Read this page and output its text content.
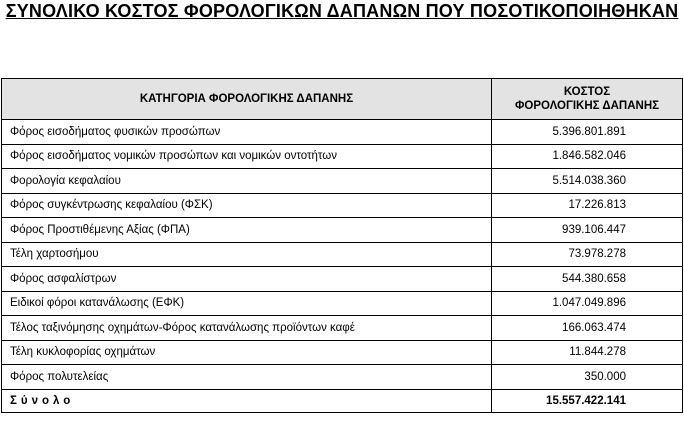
ΣΥΝΟΛΙΚΟ ΚΟΣΤΟΣ ΦΟΡΟΛΟΓΙΚΩΝ ΔΑΠΑΝΩΝ ΠΟΥ ΠΟΣΟΤΙΚΟΠΟΙΗΘΗΚΑΝ
ΚΑΤΗΓΟΡΙΑ ΦΟΡΟΛΟΓΙΚΗΣ ΔΑΠΑΝΗΣ	ΚΟΣΤΟΣ
ΦΟΡΟΛΟΓΙΚΗΣ ΔΑΠΑΝΗΣ
Φόρος εισοδήματος φυσικών προσώπων	5.396.801.891
Φόρος εισοδήματος νομικών προσώπων και νομικών οντοτήτων	1.846.582.046
Φορολογία κεφαλαίου	5.514.038.360
Φόρος συγκέντρωσης κεφαλαίου (ΦΣΚ)	17.226.813
Φόρος Προστιθέμενης Αξίας (ΦΠΑ)	939.106.447
Τέλη χαρτοσήμου	73.978.278
Φόρος ασφαλίστρων	544.380.658
Ειδικοί φόροι κατανάλωσης (ΕΦΚ)	1.047.049.896
Τέλος ταξινόμησης οχημάτων-Φόρος κατανάλωσης προϊόντων καφέ	166.063.474
Τέλη κυκλοφορίας οχημάτων	11.844.278
Φόρος πολυτελείας	350.000
Σύνολο	15.557.422.141
